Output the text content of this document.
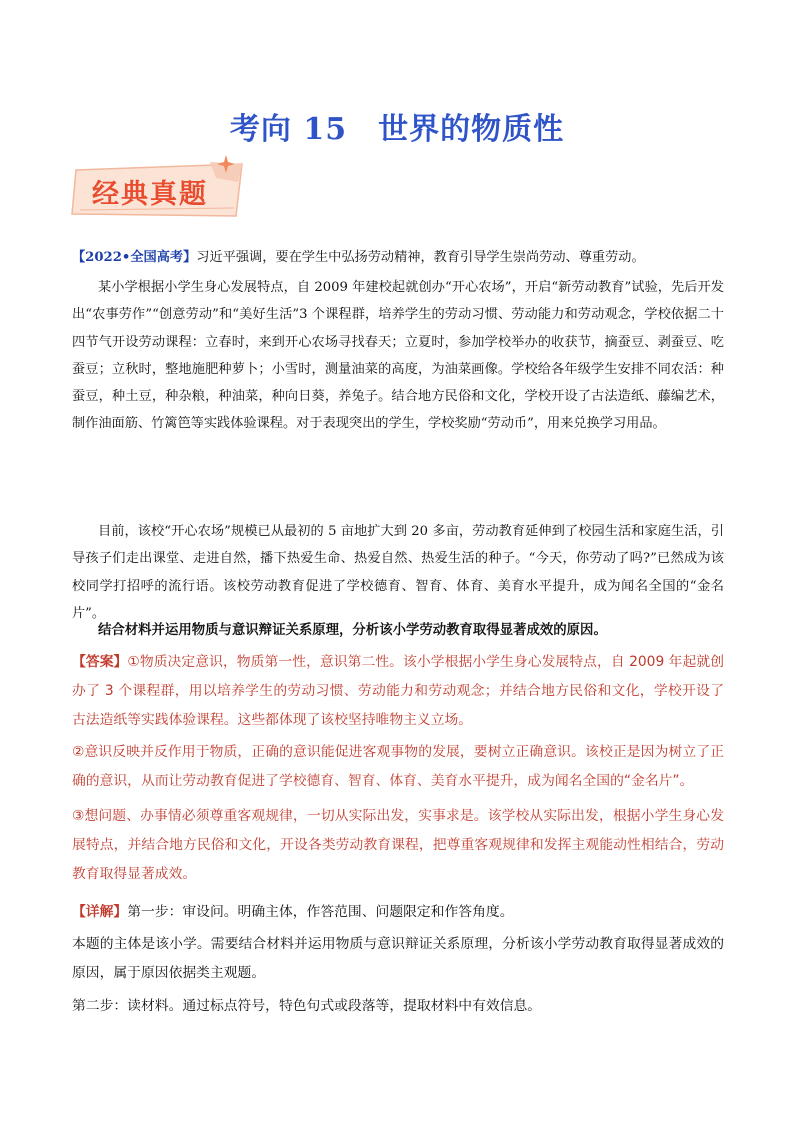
考向 15　世界的物质性
经典真题

【2022•全国高考】习近平强调，要在学生中弘扬劳动精神，教育引导学生崇尚劳动、尊重劳动。

某小学根据小学生身心发展特点，自 2009 年建校起就创办“开心农场”，开启“新劳动教育”试验，先后开发出“农事劳作”“创意劳动”和“美好生活”3 个课程群，培养学生的劳动习惯、劳动能力和劳动观念，学校依据二十四节气开设劳动课程：立春时，来到开心农场寻找春天；立夏时，参加学校举办的收获节，摘蚕豆、剥蚕豆、吃蚕豆；立秋时，整地施肥种萝卜；小雪时，测量油菜的高度，为油菜画像。学校给各年级学生安排不同农活：种蚕豆，种土豆，种杂粮，种油菜，种向日葵，养兔子。结合地方民俗和文化，学校开设了古法造纸、藤编艺术，制作油面筋、竹篱笆等实践体验课程。对于表现突出的学生，学校奖励“劳动币”，用来兑换学习用品。

目前，该校“开心农场”规模已从最初的 5 亩地扩大到 20 多亩，劳动教育延伸到了校园生活和家庭生活，引导孩子们走出课堂、走进自然，播下热爱生命、热爱自然、热爱生活的种子。“今天，你劳动了吗?”已然成为该校同学打招呼的流行语。该校劳动教育促进了学校德育、智育、体育、美育水平提升，成为闻名全国的“金名片”。

结合材料并运用物质与意识辩证关系原理，分析该小学劳动教育取得显著成效的原因。

【答案】①物质决定意识，物质第一性，意识第二性。该小学根据小学生身心发展特点，自 2009 年起就创办了 3 个课程群，用以培养学生的劳动习惯、劳动能力和劳动观念；并结合地方民俗和文化，学校开设了古法造纸等实践体验课程。这些都体现了该校坚持唯物主义立场。

②意识反映并反作用于物质，正确的意识能促进客观事物的发展，要树立正确意识。该校正是因为树立了正确的意识，从而让劳动教育促进了学校德育、智育、体育、美育水平提升，成为闻名全国的“金名片”。

③想问题、办事情必须尊重客观规律，一切从实际出发，实事求是。该学校从实际出发，根据小学生身心发展特点，并结合地方民俗和文化，开设各类劳动教育课程，把尊重客观规律和发挥主观能动性相结合，劳动教育取得显著成效。

【详解】第一步：审设问。明确主体，作答范围、问题限定和作答角度。

本题的主体是该小学。需要结合材料并运用物质与意识辩证关系原理，分析该小学劳动教育取得显著成效的原因，属于原因依据类主观题。

第二步：读材料。通过标点符号，特色句式或段落等，提取材料中有效信息。
